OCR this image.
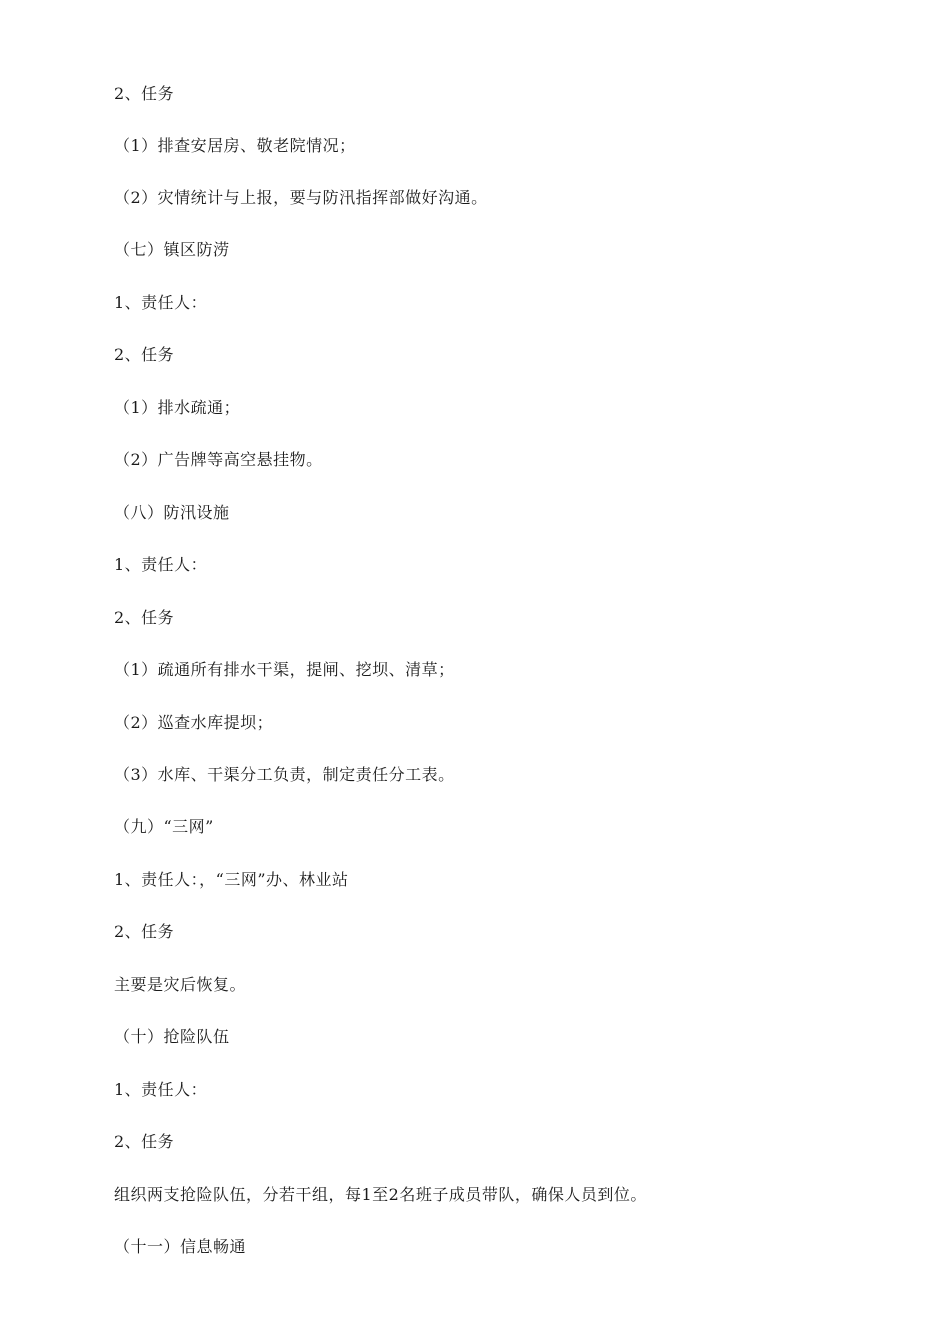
2、任务
（1）排查安居房、敬老院情况；
（2）灾情统计与上报，要与防汛指挥部做好沟通。
（七）镇区防涝
1、责任人：
2、任务
（1）排水疏通；
（2）广告牌等高空悬挂物。
（八）防汛设施
1、责任人：
2、任务
（1）疏通所有排水干渠，提闸、挖坝、清草；
（2）巡查水库提坝；
（3）水库、干渠分工负责，制定责任分工表。
（九）“三网”
1、责任人：，“三网”办、林业站
2、任务
主要是灾后恢复。
（十）抢险队伍
1、责任人：
2、任务
组织两支抢险队伍，分若干组，每1至2名班子成员带队，确保人员到位。
（十一）信息畅通
